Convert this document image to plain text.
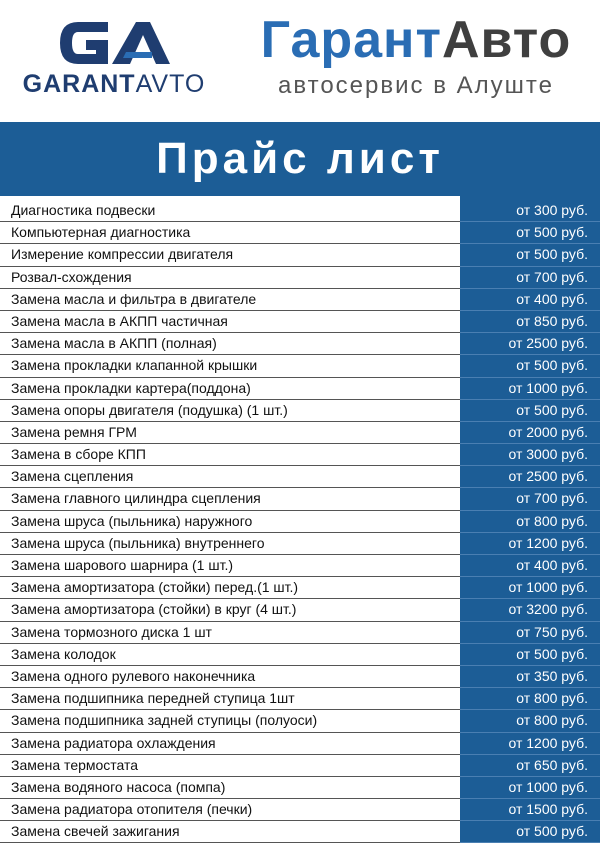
GARANTAVTO
ГарантАвто
автосервис в Алуште
Прайс лист
Диагностика подвески	от 300 руб.
Компьютерная диагностика	от 500 руб.
Измерение компрессии двигателя	от 500 руб.
Розвал-схождения	от 700 руб.
Замена масла и фильтра в двигателе	от 400 руб.
Замена масла в АКПП частичная	от 850 руб.
Замена масла в АКПП (полная)	от 2500 руб.
Замена прокладки клапанной крышки	от 500 руб.
Замена прокладки картера(поддона)	от 1000 руб.
Замена опоры двигателя (подушка) (1 шт.)	от 500 руб.
Замена ремня ГРМ	от 2000 руб.
Замена в сборе КПП	от 3000 руб.
Замена сцепления	от 2500 руб.
Замена главного цилиндра сцепления	от 700 руб.
Замена шруса (пыльника) наружного	от 800 руб.
Замена шруса (пыльника) внутреннего	от 1200 руб.
Замена шарового шарнира (1 шт.)	от 400 руб.
Замена амортизатора (стойки) перед.(1 шт.)	от 1000 руб.
Замена амортизатора (стойки) в круг (4 шт.)	от 3200 руб.
Замена тормозного диска 1 шт	от 750 руб.
Замена колодок	от 500 руб.
Замена одного рулевого наконечника	от 350 руб.
Замена подшипника передней ступица 1шт	от 800 руб.
Замена подшипника задней ступицы (полуоси)	от 800 руб.
Замена радиатора охлаждения	от 1200 руб.
Замена термостата	от 650 руб.
Замена водяного насоса (помпа)	от 1000 руб.
Замена радиатора отопителя (печки)	от 1500 руб.
Замена свечей зажигания	от 500 руб.
